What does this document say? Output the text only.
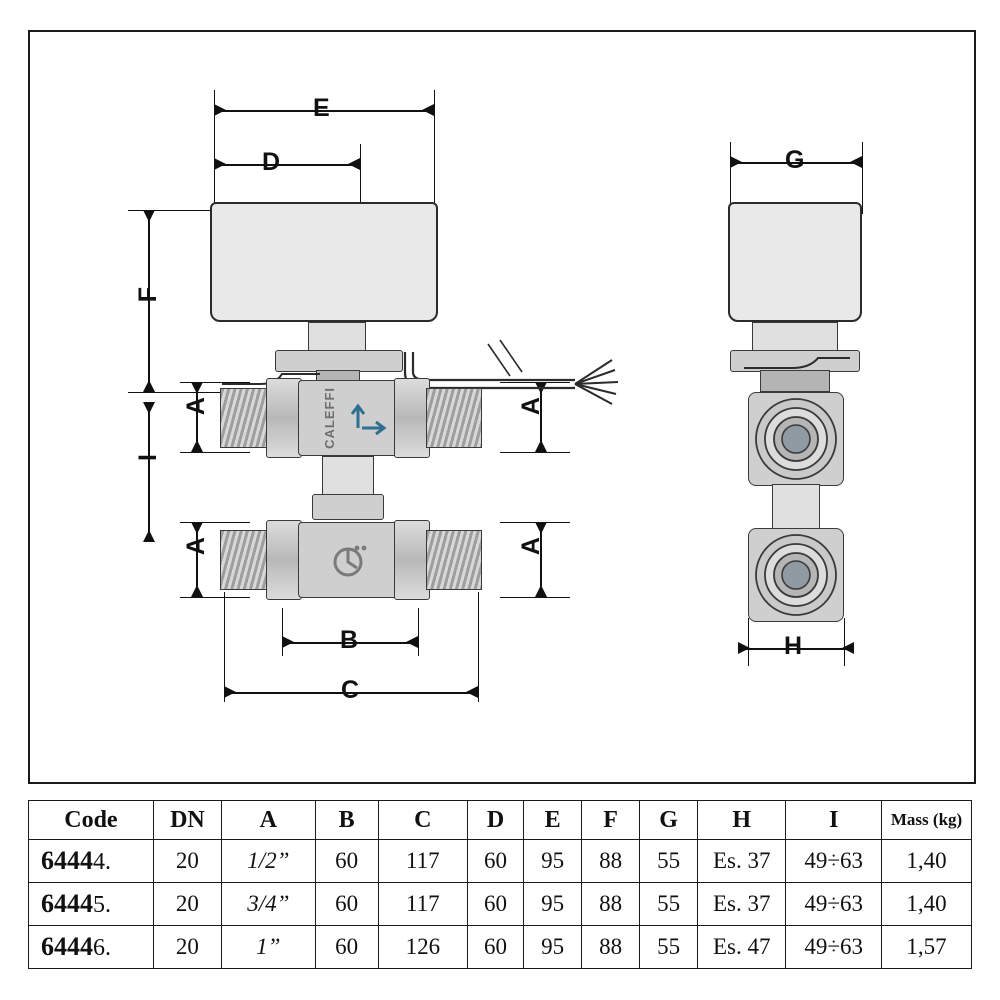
E
D
F
I
A	A
A	A
CALEFFI
B
C
G
H
Code	DN	A	B	C	D	E	F	G	H	I	Mass (kg)
64444.	20	1/2”	60	117	60	95	88	55	Es. 37	49÷63	1,40
64445.	20	3/4”	60	117	60	95	88	55	Es. 37	49÷63	1,40
64446.	20	1”	60	126	60	95	88	55	Es. 47	49÷63	1,57
